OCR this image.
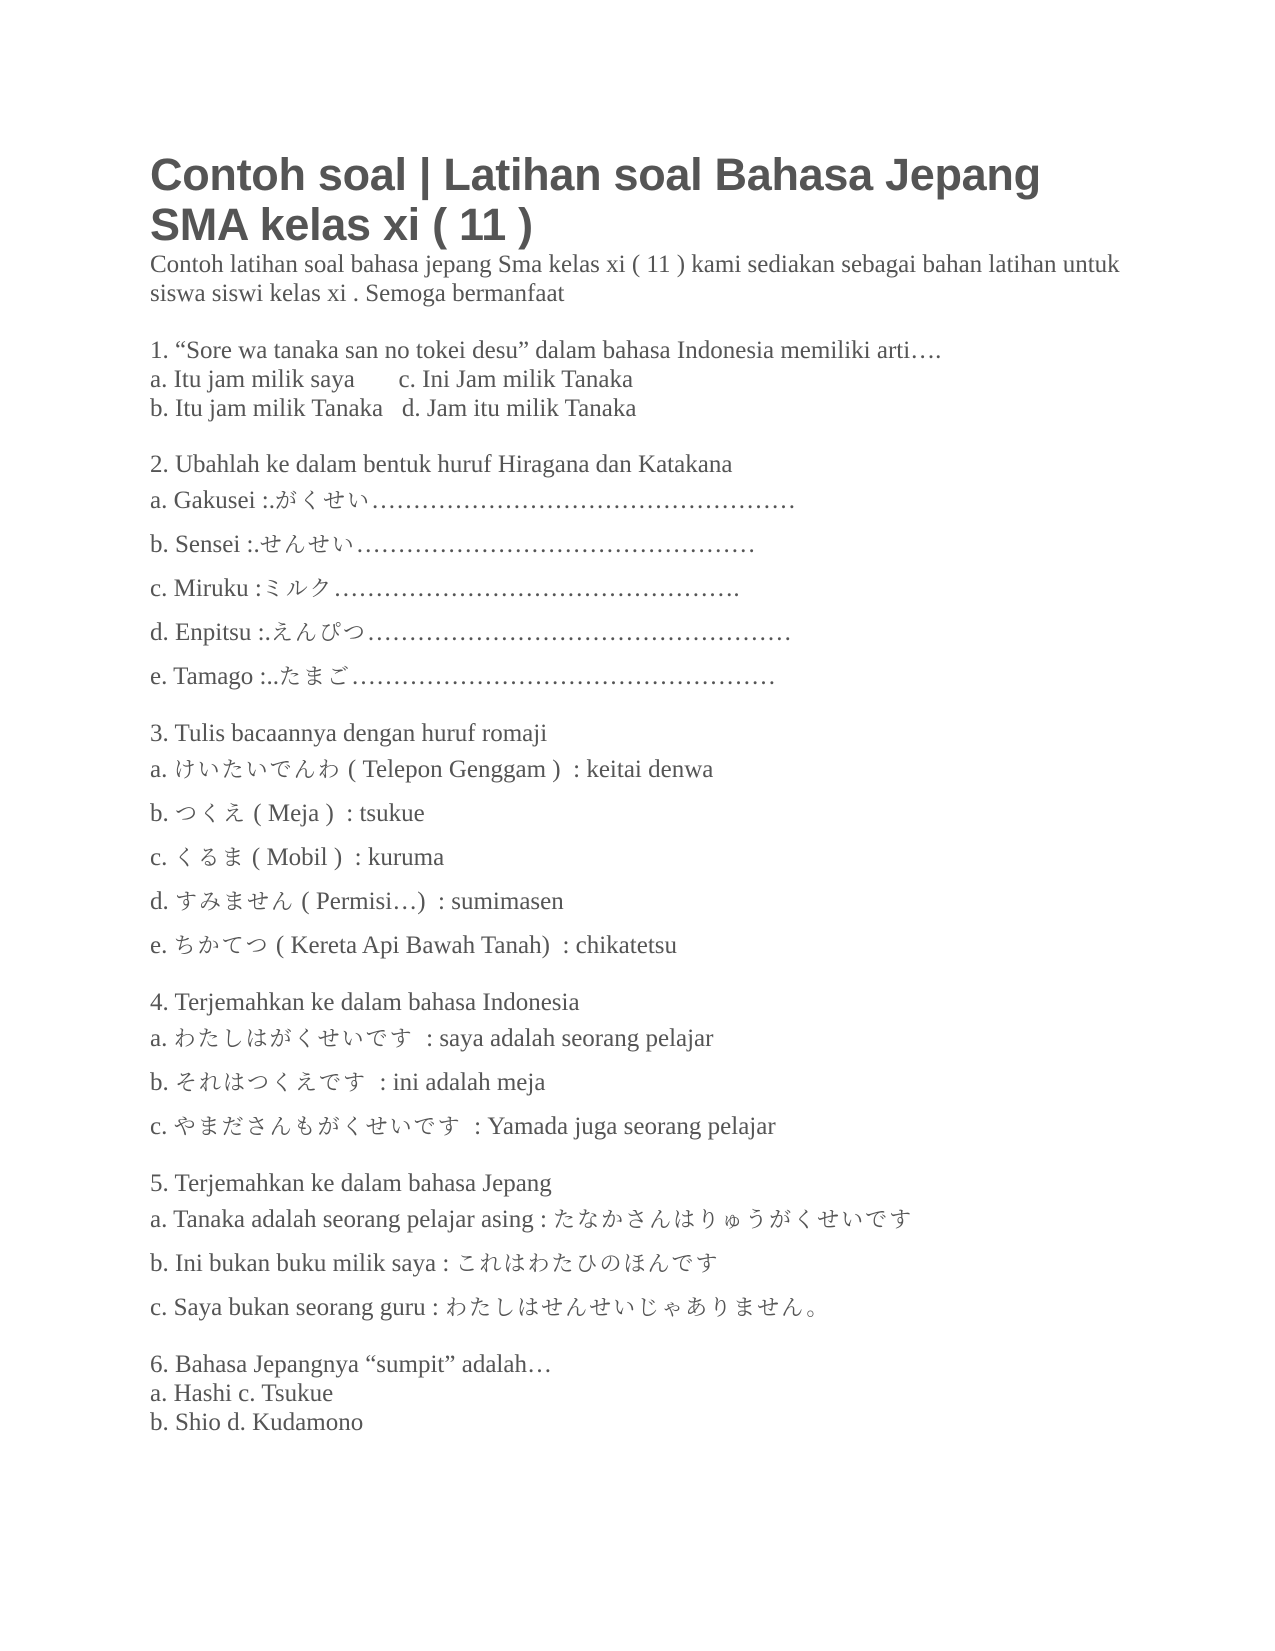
Contoh soal | Latihan soal Bahasa Jepang SMA kelas xi ( 11 )

Contoh latihan soal bahasa jepang Sma kelas xi ( 11 ) kami sediakan sebagai bahan latihan untuk siswa siswi kelas xi . Semoga bermanfaat

1. “Sore wa tanaka san no tokei desu” dalam bahasa Indonesia memiliki arti….

a. Itu jam milik saya       c. Ini Jam milik Tanaka

b. Itu jam milik Tanaka   d. Jam itu milik Tanaka

2. Ubahlah ke dalam bentuk huruf Hiragana dan Katakana

a. Gakusei :.がくせい……………………………………………

b. Sensei :.せんせい…………………………………………

c. Miruku :ミルク………………………………………….

d. Enpitsu :.えんぴつ……………………………………………

e. Tamago :..たまご……………………………………………

3. Tulis bacaannya dengan huruf romaji

a. けいたいでんわ ( Telepon Genggam )  : keitai denwa

b. つくえ ( Meja )  : tsukue

c. くるま ( Mobil )  : kuruma

d. すみません ( Permisi…)  : sumimasen

e. ちかてつ ( Kereta Api Bawah Tanah)  : chikatetsu

4. Terjemahkan ke dalam bahasa Indonesia

a. わたしはがくせいです  : saya adalah seorang pelajar

b. それはつくえです  : ini adalah meja

c. やまださんもがくせいです  : Yamada juga seorang pelajar

5. Terjemahkan ke dalam bahasa Jepang

a. Tanaka adalah seorang pelajar asing : たなかさんはりゅうがくせいです

b. Ini bukan buku milik saya : これはわたひのほんです

c. Saya bukan seorang guru : わたしはせんせいじゃありません。

6. Bahasa Jepangnya “sumpit” adalah…

a. Hashi c. Tsukue

b. Shio d. Kudamono
